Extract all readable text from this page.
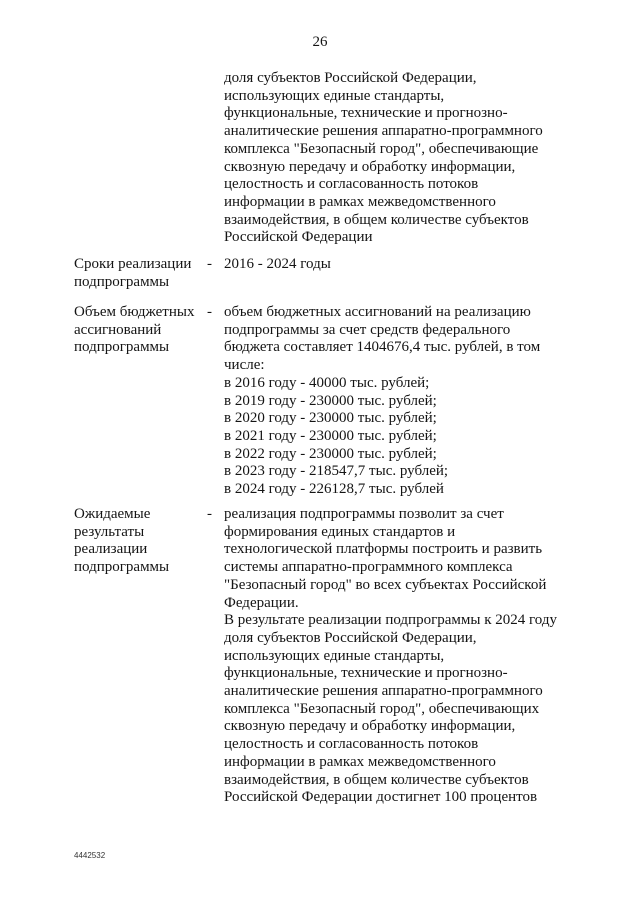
26
доля субъектов Российской Федерации,
использующих единые стандарты,
функциональные, технические и прогнозно-
аналитические решения аппаратно-программного
комплекса "Безопасный город", обеспечивающие
сквозную передачу и обработку информации,
целостность и согласованность потоков
информации в рамках межведомственного
взаимодействия, в общем количестве субъектов
Российской Федерации
Сроки реализации
подпрограммы
- 2016 - 2024 годы
Объем бюджетных
ассигнований
подпрограммы
- объем бюджетных ассигнований на реализацию
подпрограммы за счет средств федерального
бюджета составляет 1404676,4 тыс. рублей, в том
числе:
в 2016 году - 40000 тыс. рублей;
в 2019 году - 230000 тыс. рублей;
в 2020 году - 230000 тыс. рублей;
в 2021 году - 230000 тыс. рублей;
в 2022 году - 230000 тыс. рублей;
в 2023 году - 218547,7 тыс. рублей;
в 2024 году - 226128,7 тыс. рублей
Ожидаемые
результаты
реализации
подпрограммы
- реализация подпрограммы позволит за счет
формирования единых стандартов и
технологической платформы построить и развить
системы аппаратно-программного комплекса
"Безопасный город" во всех субъектах Российской
Федерации.
В результате реализации подпрограммы к 2024 году
доля субъектов Российской Федерации,
использующих единые стандарты,
функциональные, технические и прогнозно-
аналитические решения аппаратно-программного
комплекса "Безопасный город", обеспечивающих
сквозную передачу и обработку информации,
целостность и согласованность потоков
информации в рамках межведомственного
взаимодействия, в общем количестве субъектов
Российской Федерации достигнет 100 процентов
4442532
